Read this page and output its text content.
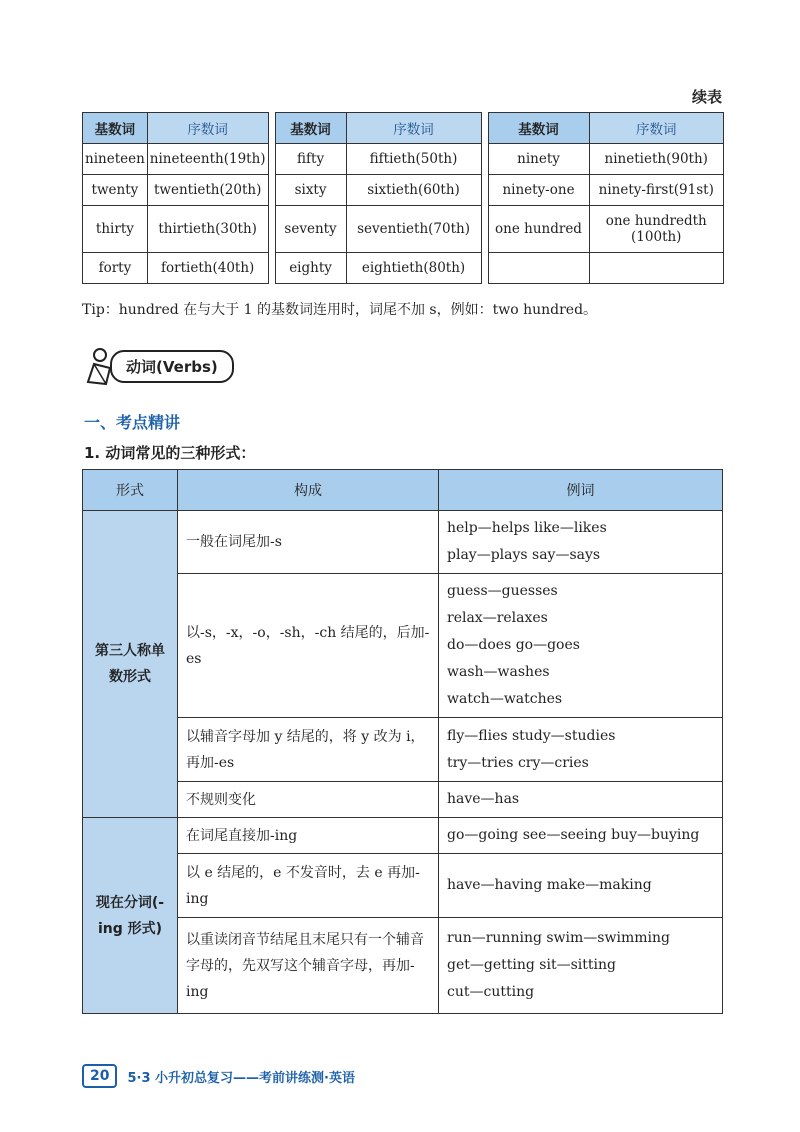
续表
基数词	序数词
nineteen	nineteenth(19th)
twenty	twentieth(20th)
thirty	thirtieth(30th)
forty	fortieth(40th)
基数词	序数词
fifty	fiftieth(50th)
sixty	sixtieth(60th)
seventy	seventieth(70th)
eighty	eightieth(80th)
基数词	序数词
ninety	ninetieth(90th)
ninety-one	ninety-first(91st)
one hundred	one hundredth (100th)

Tip：hundred 在与大于 1 的基数词连用时，词尾不加 s，例如：two hundred。
动词(Verbs)
一、考点精讲
1. 动词常见的三种形式：
形式	构成	例词
第三人称单数形式	一般在词尾加-s	help—helps like—likes
play—plays say—says

	以-s，-x，-o，-sh，-ch 结尾的，后加-es	guess—guesses
relax—relaxes
do—does go—goes
wash—washes
watch—watches

	以辅音字母加 y 结尾的，将 y 改为 i，再加-es	fly—flies study—studies
try—tries cry—cries

	不规则变化	have—has

现在分词(-ing 形式)	在词尾直接加-ing	go—going see—seeing buy—buying

	以 e 结尾的，e 不发音时，去 e 再加-ing	have—having make—making

	以重读闭音节结尾且末尾只有一个辅音字母的，先双写这个辅音字母，再加-ing	run—running swim—swimming
get—getting sit—sitting
cut—cutting
20	5·3 小升初总复习——考前讲练测·英语
